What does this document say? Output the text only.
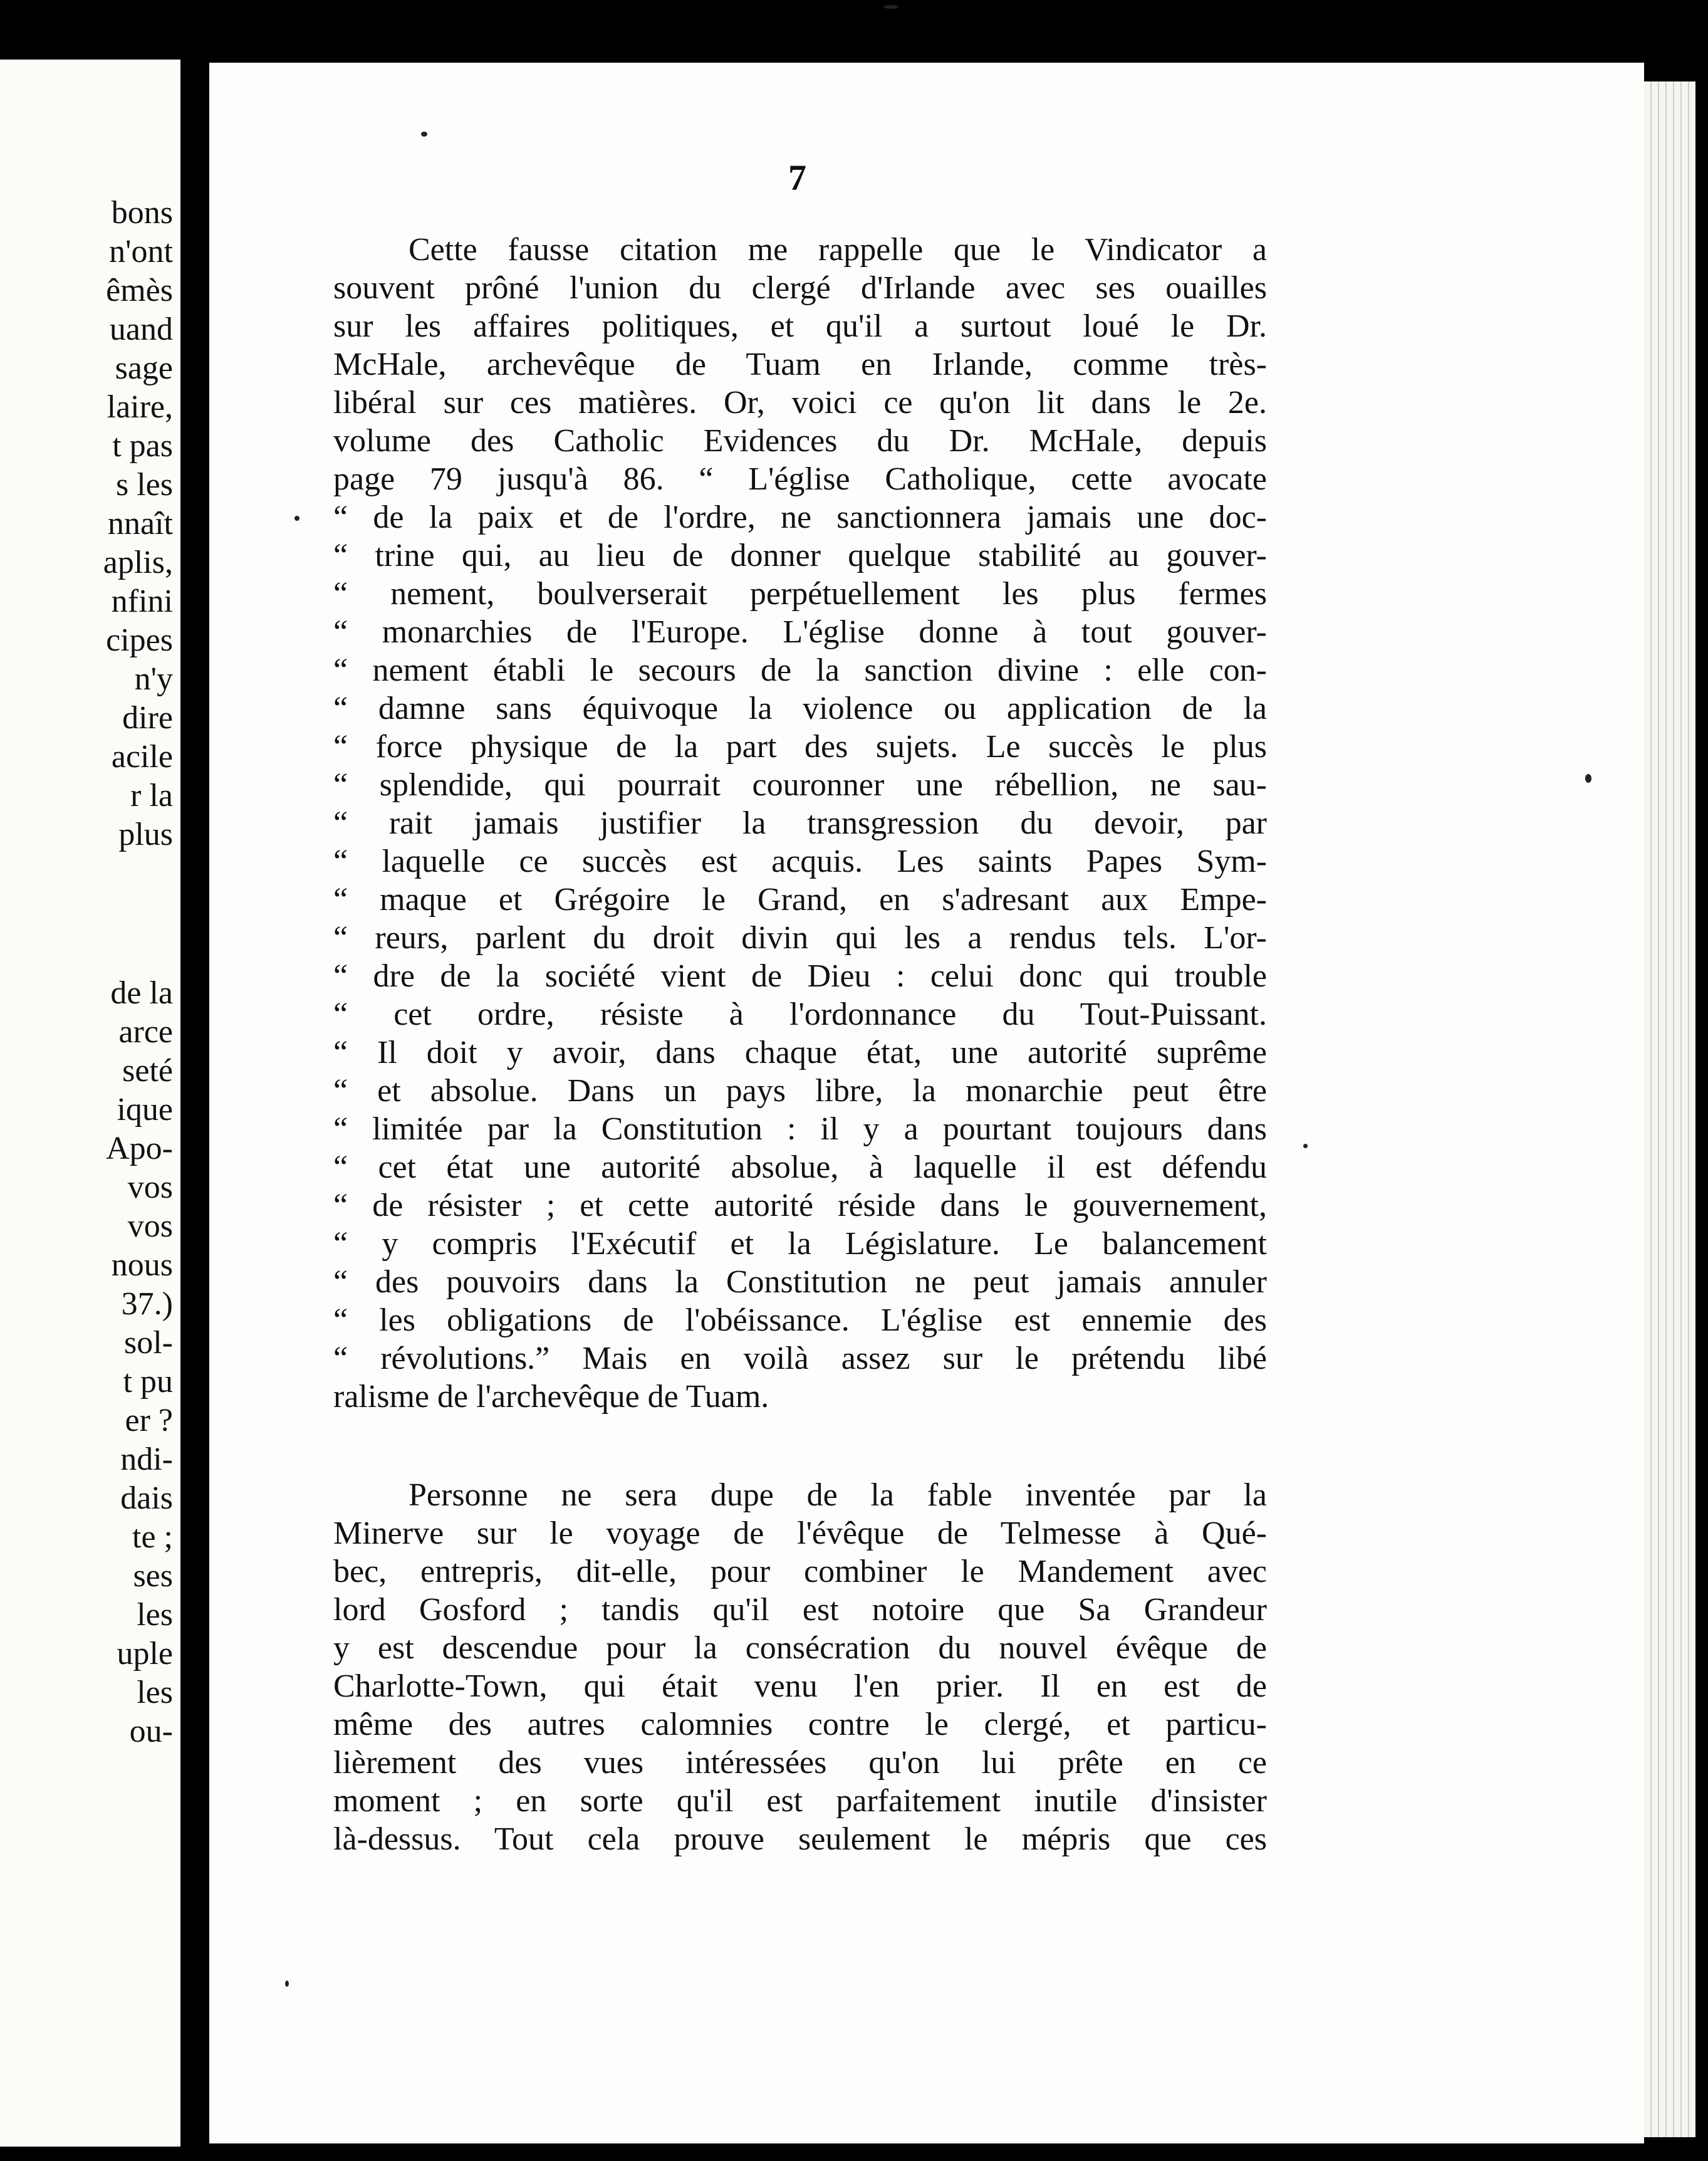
bons
n'ont
êmès
uand
sage
laire,
t pas
s les
nnaît
aplis,
nfini
cipes
n'y
dire
acile
r la
plus
de la
arce
seté
ique
Apo-
vos
vos
nous
37.)
sol-
t pu
er ?
ndi-
dais
te ;
ses
les
uple
les
ou-
7
Cette fausse citation me rappelle que le Vindicator a
souvent prôné l'union du clergé d'Irlande avec ses ouailles
sur les affaires politiques, et qu'il a surtout loué le Dr.
McHale, archevêque de Tuam en Irlande, comme très-
libéral sur ces matières. Or, voici ce qu'on lit dans le 2e.
volume des Catholic Evidences du Dr. McHale, depuis
page 79 jusqu'à 86. “ L'église Catholique, cette avocate
“ de la paix et de l'ordre, ne sanctionnera jamais une doc-
“ trine qui, au lieu de donner quelque stabilité au gouver-
“ nement, boulverserait perpétuellement les plus fermes
“ monarchies de l'Europe. L'église donne à tout gouver-
“ nement établi le secours de la sanction divine : elle con-
“ damne sans équivoque la violence ou application de la
“ force physique de la part des sujets. Le succès le plus
“ splendide, qui pourrait couronner une rébellion, ne sau-
“ rait jamais justifier la transgression du devoir, par
“ laquelle ce succès est acquis. Les saints Papes Sym-
“ maque et Grégoire le Grand, en s'adresant aux Empe-
“ reurs, parlent du droit divin qui les a rendus tels. L'or-
“ dre de la société vient de Dieu : celui donc qui trouble
“ cet ordre, résiste à l'ordonnance du Tout-Puissant.
“ Il doit y avoir, dans chaque état, une autorité suprême
“ et absolue. Dans un pays libre, la monarchie peut être
“ limitée par la Constitution : il y a pourtant toujours dans
“ cet état une autorité absolue, à laquelle il est défendu
“ de résister ; et cette autorité réside dans le gouvernement,
“ y compris l'Exécutif et la Législature. Le balancement
“ des pouvoirs dans la Constitution ne peut jamais annuler
“ les obligations de l'obéissance. L'église est ennemie des
“ révolutions.” Mais en voilà assez sur le prétendu libé
ralisme de l'archevêque de Tuam.
Personne ne sera dupe de la fable inventée par la
Minerve sur le voyage de l'évêque de Telmesse à Qué-
bec, entrepris, dit-elle, pour combiner le Mandement avec
lord Gosford ; tandis qu'il est notoire que Sa Grandeur
y est descendue pour la consécration du nouvel évêque de
Charlotte-Town, qui était venu l'en prier. Il en est de
même des autres calomnies contre le clergé, et particu-
lièrement des vues intéressées qu'on lui prête en ce
moment ; en sorte qu'il est parfaitement inutile d'insister
là-dessus. Tout cela prouve seulement le mépris que ces
